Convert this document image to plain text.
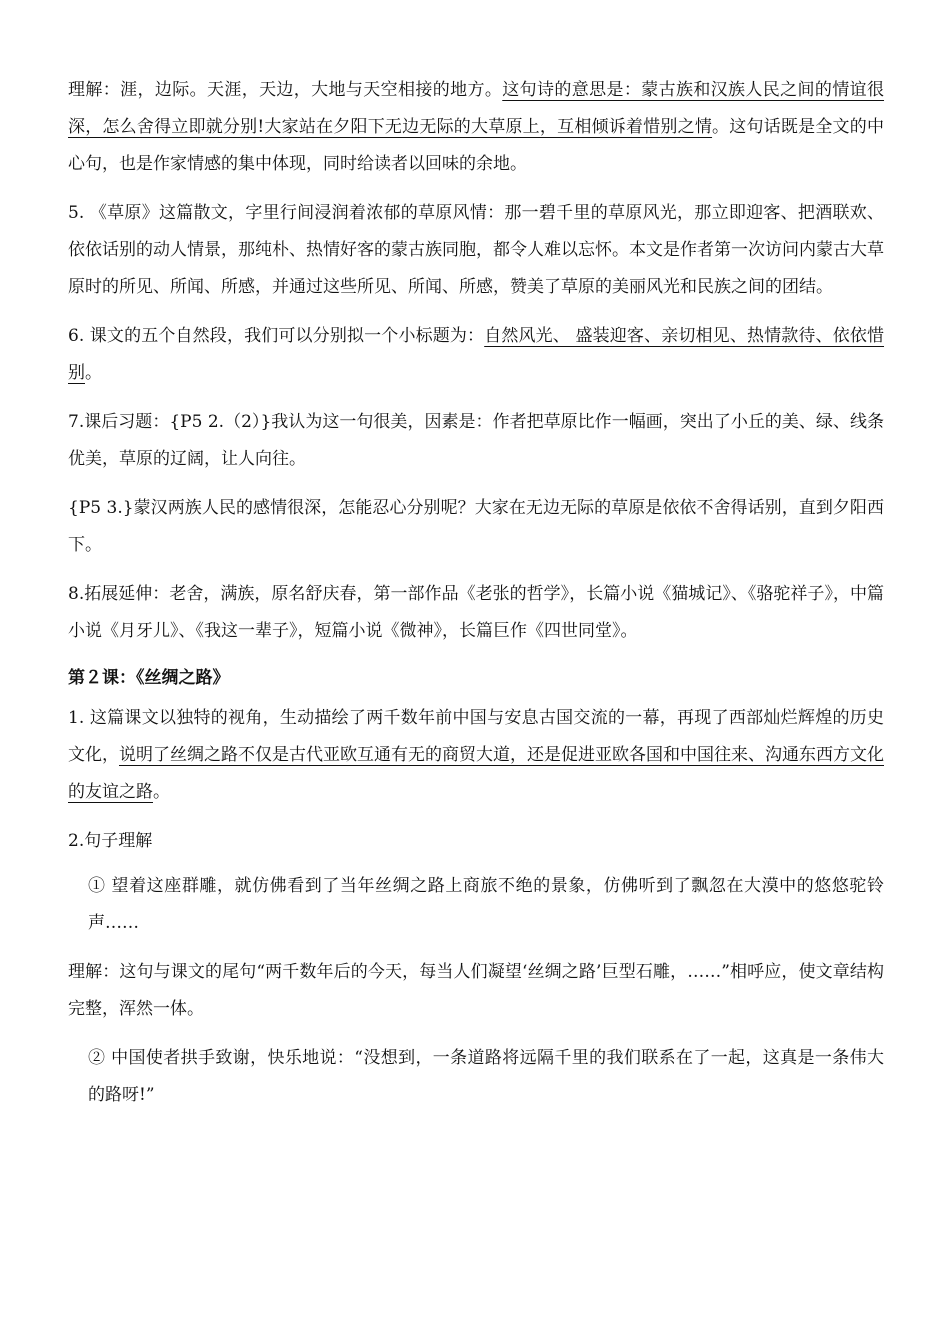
理解：涯，边际。天涯，天边，大地与天空相接的地方。这句诗的意思是：蒙古族和汉族人民之间的情谊很深，怎么舍得立即就分别!大家站在夕阳下无边无际的大草原上，互相倾诉着惜别之情。这句话既是全文的中心句，也是作家情感的集中体现，同时给读者以回味的余地。

5. 《草原》这篇散文，字里行间浸润着浓郁的草原风情：那一碧千里的草原风光，那立即迎客、把酒联欢、依依话别的动人情景，那纯朴、热情好客的蒙古族同胞，都令人难以忘怀。本文是作者第一次访问内蒙古大草原时的所见、所闻、所感，并通过这些所见、所闻、所感，赞美了草原的美丽风光和民族之间的团结。

6. 课文的五个自然段，我们可以分别拟一个小标题为：自然风光、 盛装迎客、亲切相见、热情款待、依依惜别。

7.课后习题：{P5 2.（2）}我认为这一句很美，因素是：作者把草原比作一幅画，突出了小丘的美、绿、线条优美，草原的辽阔，让人向往。

{P5 3.}蒙汉两族人民的感情很深，怎能忍心分别呢？大家在无边无际的草原是依依不舍得话别，直到夕阳西下。

8.拓展延伸：老舍，满族，原名舒庆春，第一部作品《老张的哲学》，长篇小说《猫城记》、《骆驼祥子》，中篇小说《月牙儿》、《我这一辈子》，短篇小说《微神》，长篇巨作《四世同堂》。

第２课：《丝绸之路》

1. 这篇课文以独特的视角，生动描绘了两千数年前中国与安息古国交流的一幕，再现了西部灿烂辉煌的历史文化，说明了丝绸之路不仅是古代亚欧互通有无的商贸大道，还是促进亚欧各国和中国往来、沟通东西方文化的友谊之路。

2.句子理解

① 望着这座群雕，就仿佛看到了当年丝绸之路上商旅不绝的景象，仿佛听到了飘忽在大漠中的悠悠驼铃声……

理解：这句与课文的尾句“两千数年后的今天，每当人们凝望‘丝绸之路’巨型石雕，……”相呼应，使文章结构完整，浑然一体。

② 中国使者拱手致谢，快乐地说：“没想到，一条道路将远隔千里的我们联系在了一起，这真是一条伟大的路呀!”
